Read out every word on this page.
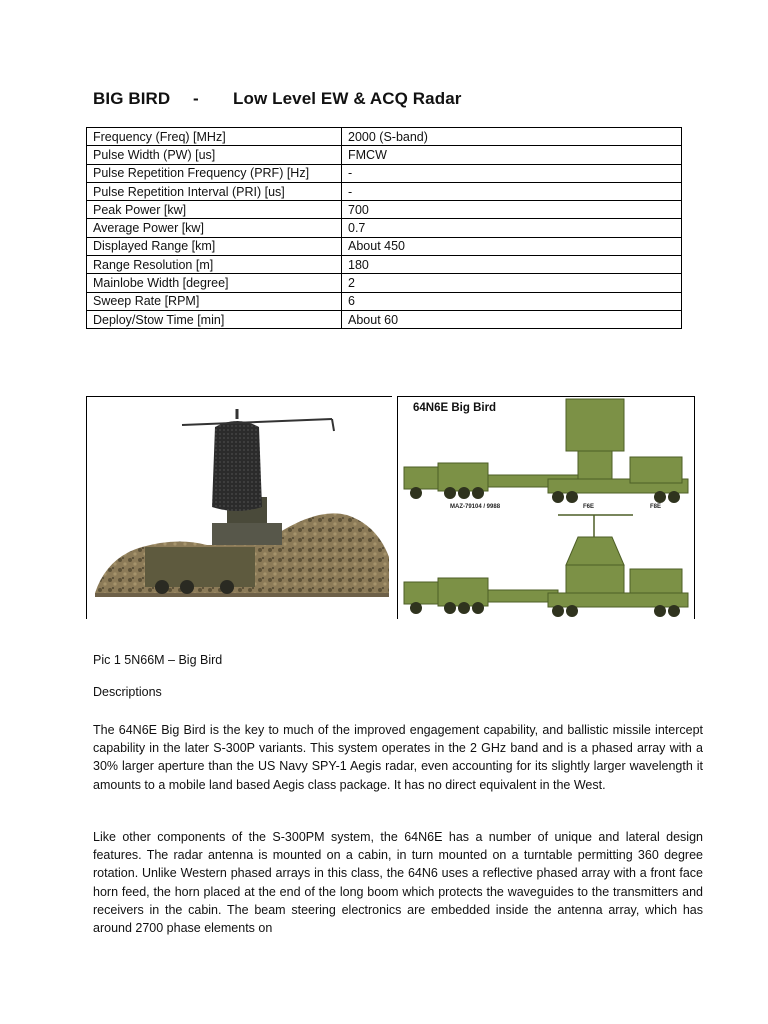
BIG BIRD - Low Level EW & ACQ Radar
Frequency (Freq) [MHz]	2000 (S-band)
Pulse Width (PW) [us]	FMCW
Pulse Repetition Frequency (PRF) [Hz]	-
Pulse Repetition Interval (PRI) [us]	-
Peak Power [kw]	700
Average Power [kw]	0.7
Displayed Range [km]	About 450
Range Resolution [m]	180
Mainlobe Width [degree]	2
Sweep Rate [RPM]	6
Deploy/Stow Time [min]	About 60
64N6E Big Bird
MAZ-79104 / 9988	F6E	F8E
Pic 1 5N66M – Big Bird
Descriptions

The 64N6E Big Bird is the key to much of the improved engagement capability, and ballistic missile intercept capability in the later S-300P variants. This system operates in the 2 GHz band and is a phased array with a 30% larger aperture than the US Navy SPY-1 Aegis radar, even accounting for its slightly larger wavelength it amounts to a mobile land based Aegis class package. It has no direct equivalent in the West.

Like other components of the S-300PM system, the 64N6E has a number of unique and lateral design features. The radar antenna is mounted on a cabin, in turn mounted on a turntable permitting 360 degree rotation. Unlike Western phased arrays in this class, the 64N6 uses a reflective phased array with a front face horn feed, the horn placed at the end of the long boom which protects the waveguides to the transmitters and receivers in the cabin. The beam steering electronics are embedded inside the antenna array, which has around 2700 phase elements on
